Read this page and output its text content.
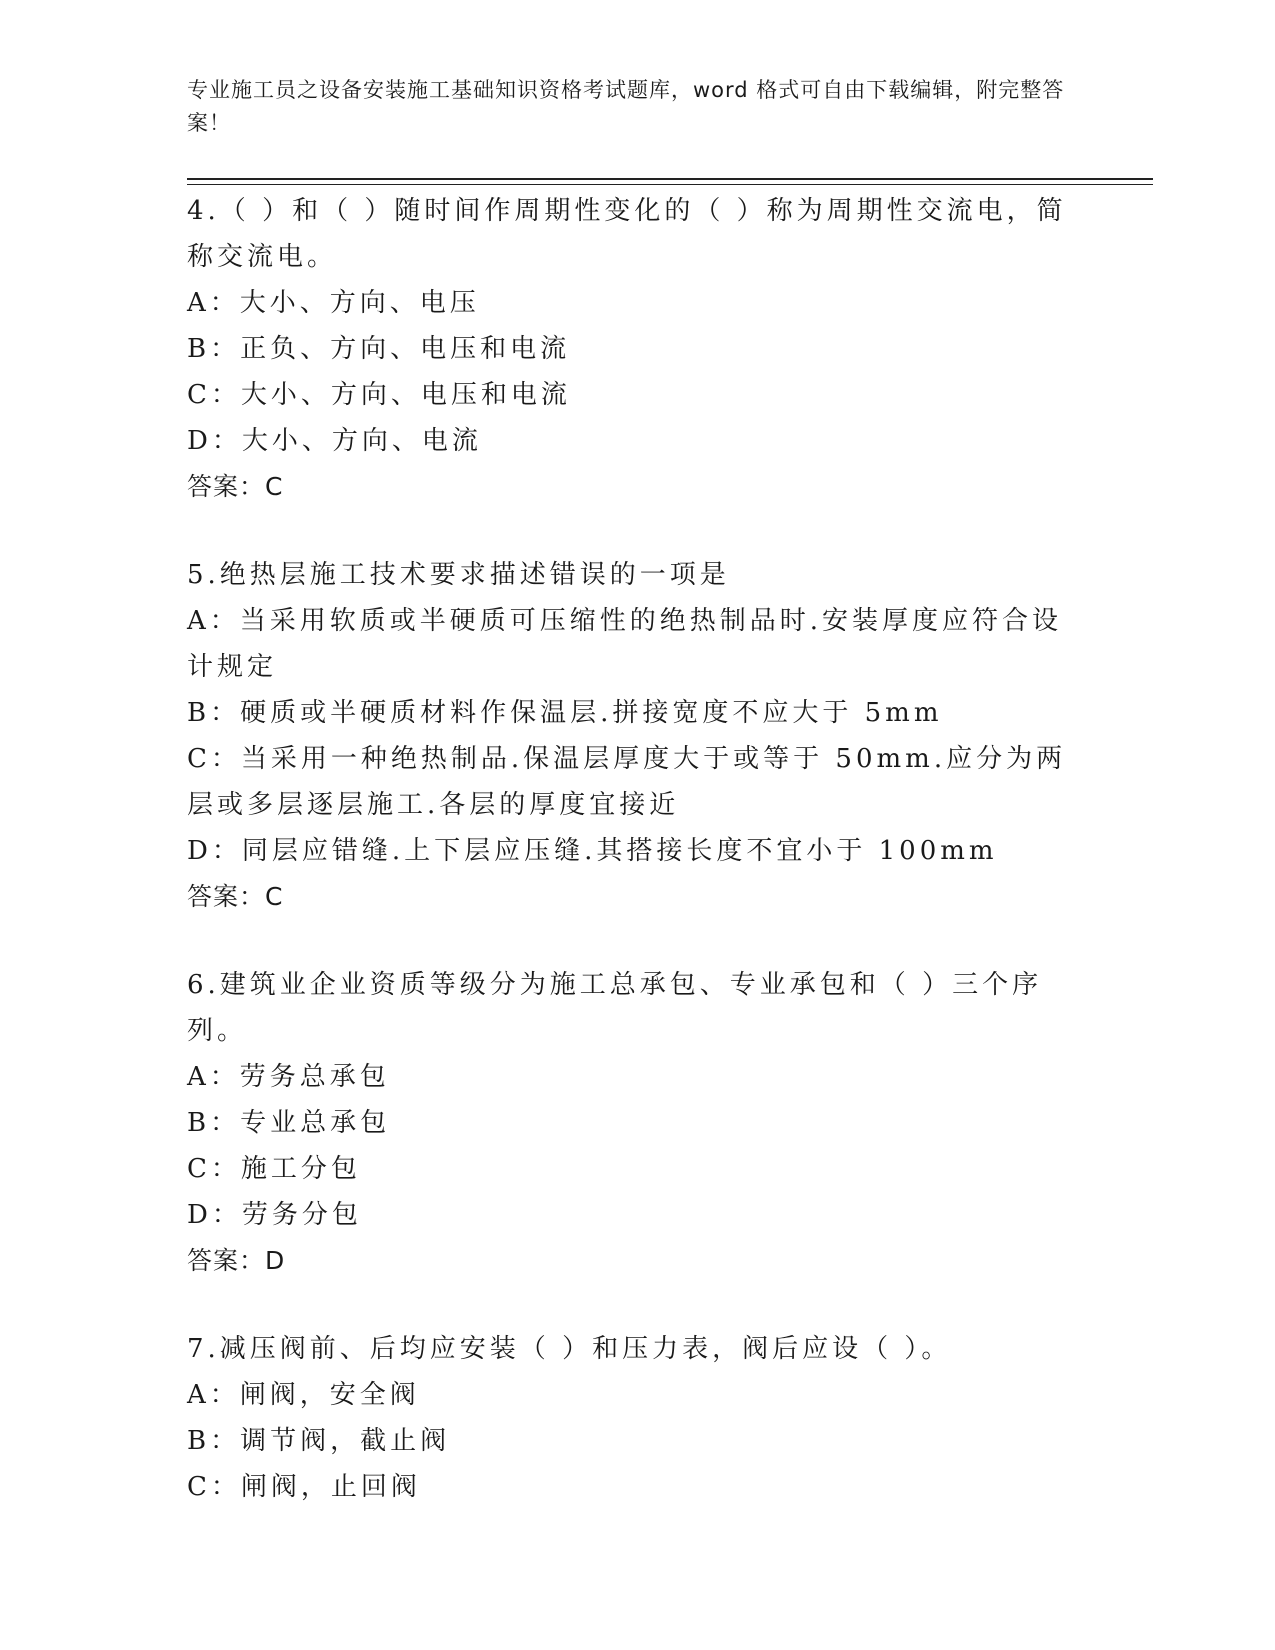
专业施工员之设备安装施工基础知识资格考试题库，word 格式可自由下载编辑，附完整答案！
4.（ ）和（ ）随时间作周期性变化的（ ）称为周期性交流电，简称交流电。
A：大小、方向、电压
B：正负、方向、电压和电流
C：大小、方向、电压和电流
D：大小、方向、电流
答案：C
5.绝热层施工技术要求描述错误的一项是
A：当采用软质或半硬质可压缩性的绝热制品时.安装厚度应符合设计规定
B：硬质或半硬质材料作保温层.拼接宽度不应大于 5mm
C：当采用一种绝热制品.保温层厚度大于或等于 50mm.应分为两层或多层逐层施工.各层的厚度宜接近
D：同层应错缝.上下层应压缝.其搭接长度不宜小于 100mm
答案：C
6.建筑业企业资质等级分为施工总承包、专业承包和（ ）三个序列。
A：劳务总承包
B：专业总承包
C：施工分包
D：劳务分包
答案：D
7.减压阀前、后均应安装（ ）和压力表，阀后应设（ ）。
A：闸阀，安全阀
B：调节阀，截止阀
C：闸阀，止回阀
